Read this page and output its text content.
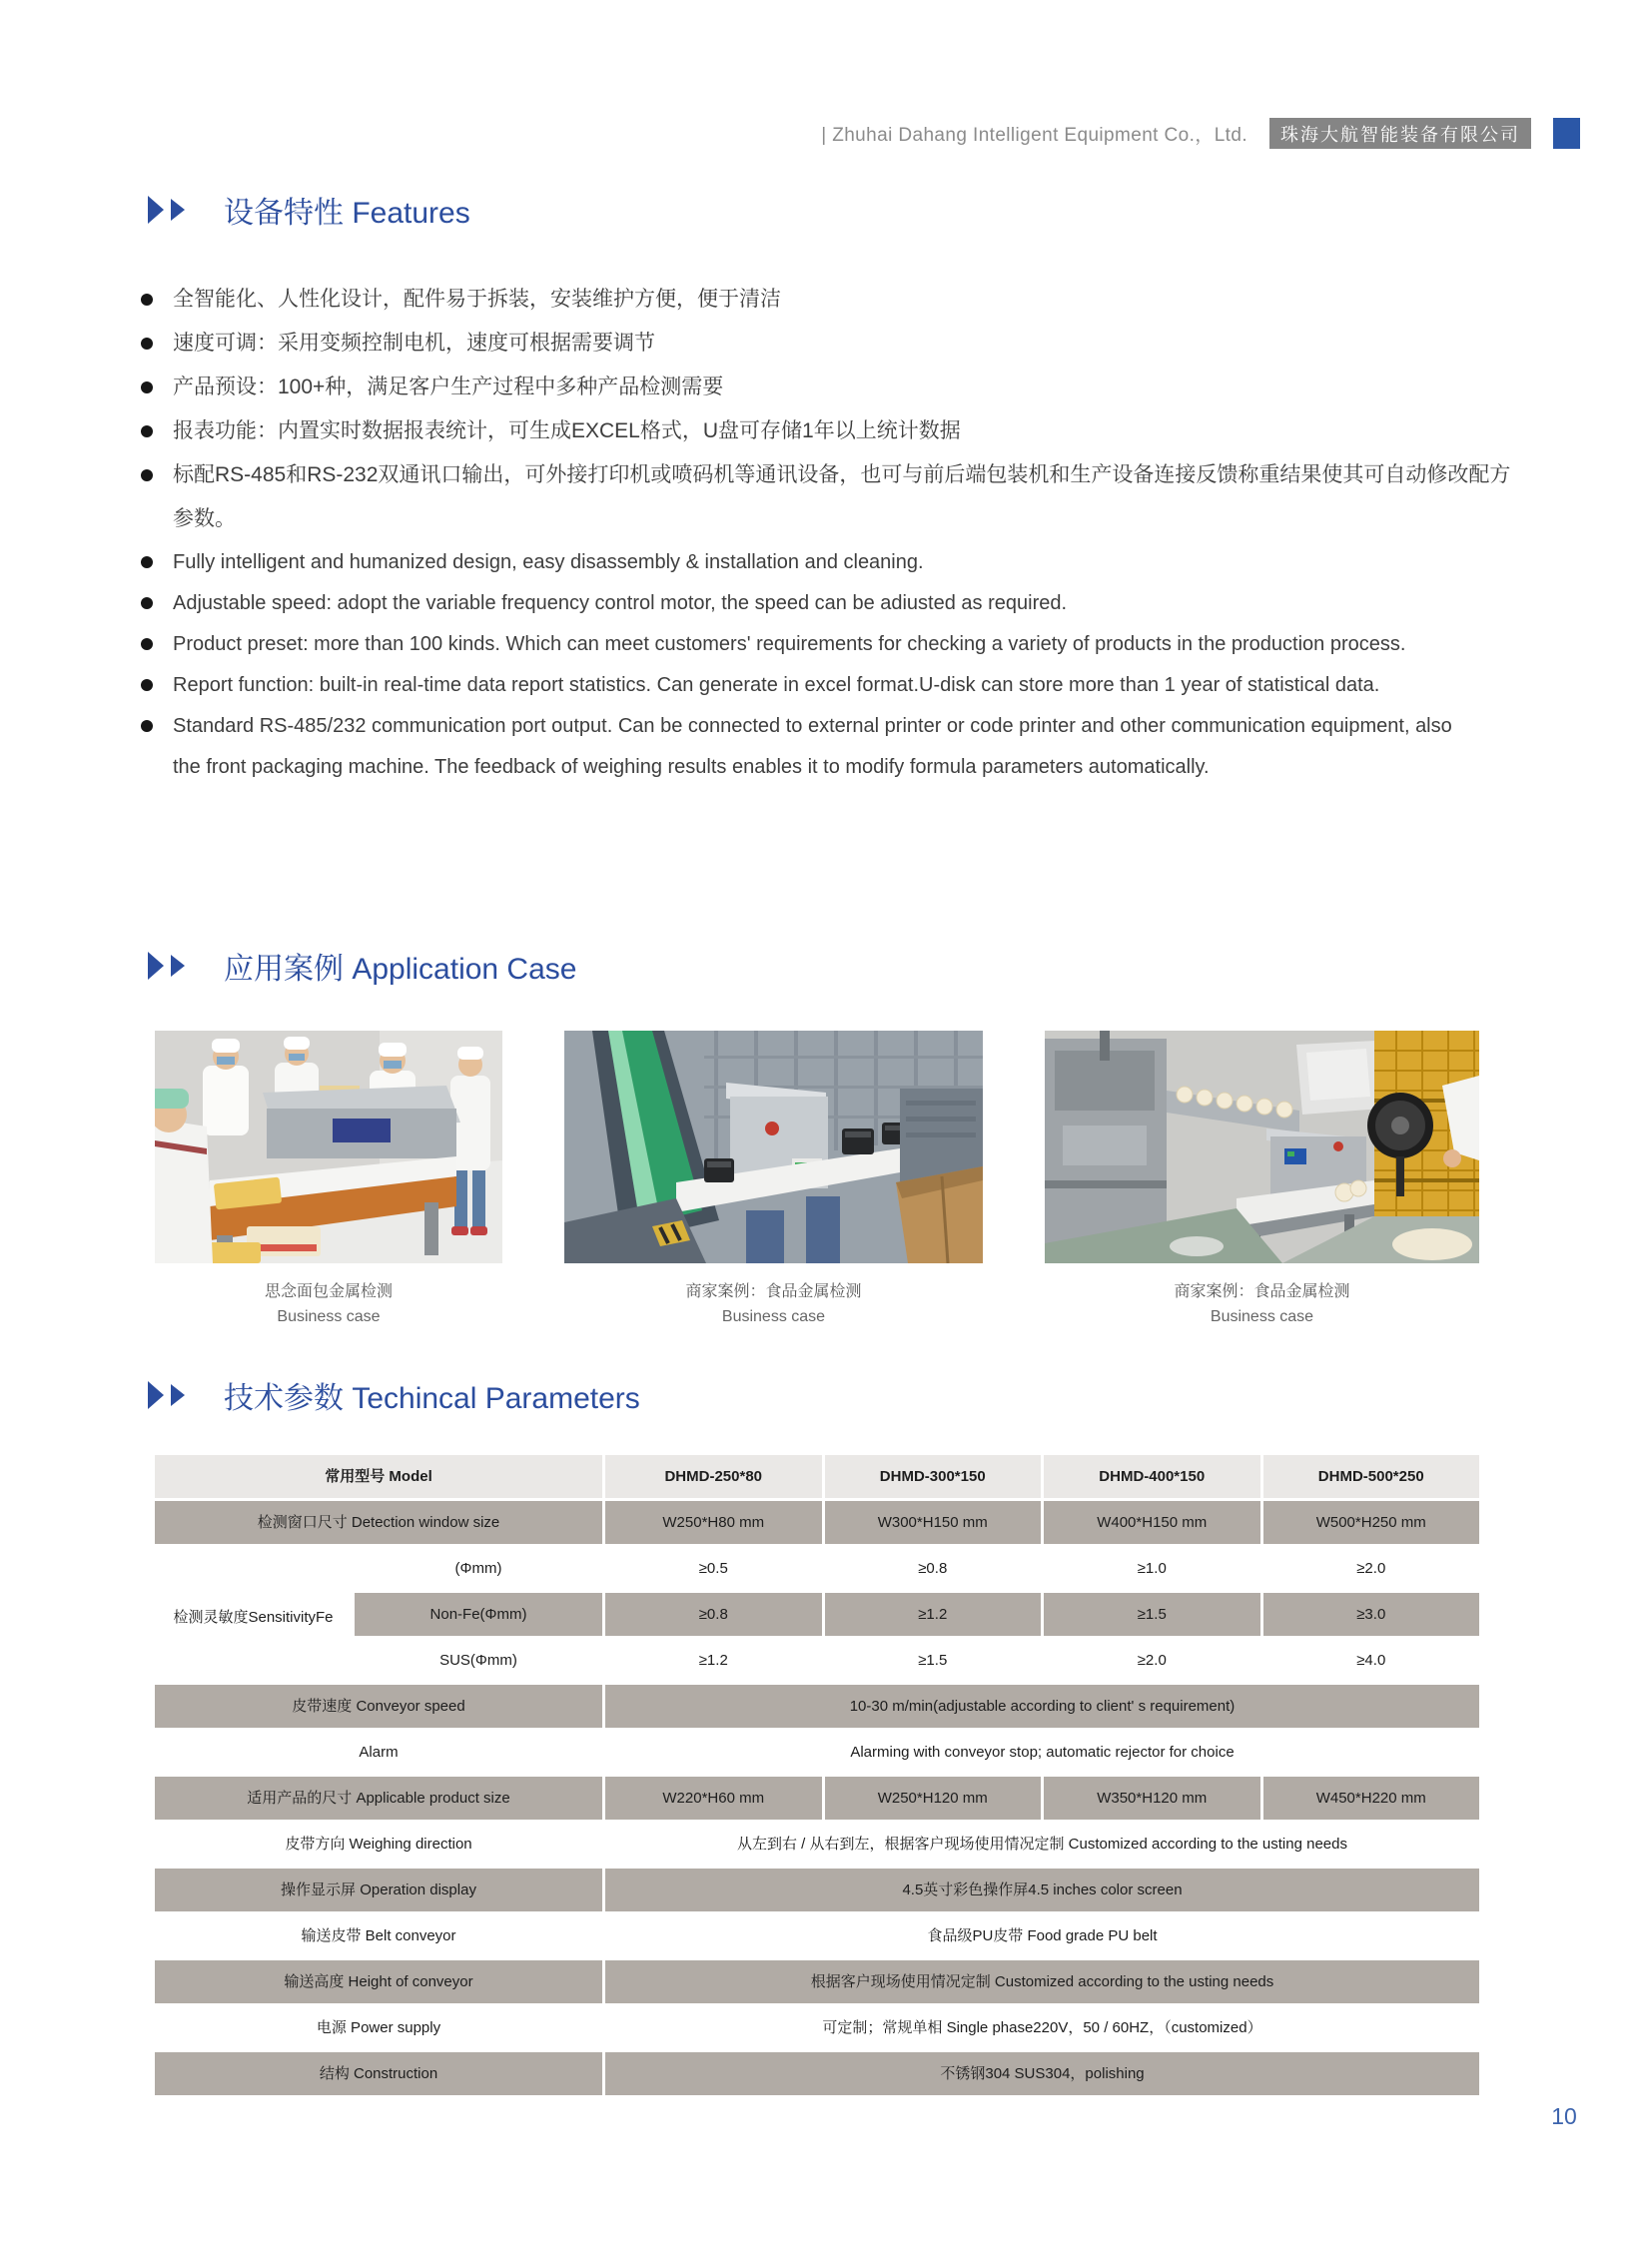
| Zhuhai Dahang Intelligent Equipment Co.，Ltd. 珠海大航智能装备有限公司
设备特性 Features
全智能化、人性化设计，配件易于拆装，安装维护方便，便于清洁
速度可调：采用变频控制电机，速度可根据需要调节
产品预设：100+种，满足客户生产过程中多种产品检测需要
报表功能：内置实时数据报表统计，可生成EXCEL格式，U盘可存储1年以上统计数据
标配RS-485和RS-232双通讯口输出，可外接打印机或喷码机等通讯设备，也可与前后端包装机和生产设备连接反馈称重结果使其可自动修改配方参数。
Fully intelligent and humanized design, easy disassembly & installation and cleaning.
Adjustable speed: adopt the variable frequency control motor, the speed can be adiusted as required.
Product preset: more than 100 kinds. Which can meet customers' requirements for checking a variety of products in the production process.
Report function: built-in real-time data report statistics. Can generate in excel format.U-disk can store more than 1 year of statistical data.
Standard RS-485/232 communication port output. Can be connected to external printer or code printer and other communication equipment, also the front packaging machine. The feedback of weighing results enables it to modify formula parameters automatically.
应用案例 Application Case
思念面包金属检测
Business case
商家案例：食品金属检测
Business case
商家案例：食品金属检测
Business case
技术参数 Techincal Parameters
常用型号 Model	DHMD-250*80	DHMD-300*150	DHMD-400*150	DHMD-500*250
检测窗口尺寸 Detection window size	W250*H80 mm	W300*H150 mm	W400*H150 mm	W500*H250 mm
检测灵敏度SensitivityFe
(Φmm)	≥0.5	≥0.8	≥1.0	≥2.0
Non-Fe(Φmm)	≥0.8	≥1.2	≥1.5	≥3.0
SUS(Φmm)	≥1.2	≥1.5	≥2.0	≥4.0
皮带速度 Conveyor speed	10-30 m/min(adjustable according to client' s requirement)
Alarm	Alarming with conveyor stop; automatic rejector for choice
适用产品的尺寸 Applicable product size	W220*H60 mm	W250*H120 mm	W350*H120 mm	W450*H220 mm
皮带方向 Weighing direction	从左到右 / 从右到左，根据客户现场使用情况定制 Customized according to the usting needs
操作显示屏 Operation display	4.5英寸彩色操作屏4.5 inches color screen
输送皮带 Belt conveyor	食品级PU皮带 Food grade PU belt
输送高度 Height of conveyor	根据客户现场使用情况定制 Customized according to the usting needs
电源 Power supply	可定制；常规单相 Single phase220V，50 / 60HZ，（customized）
结构 Construction	不锈钢304 SUS304，polishing
10
